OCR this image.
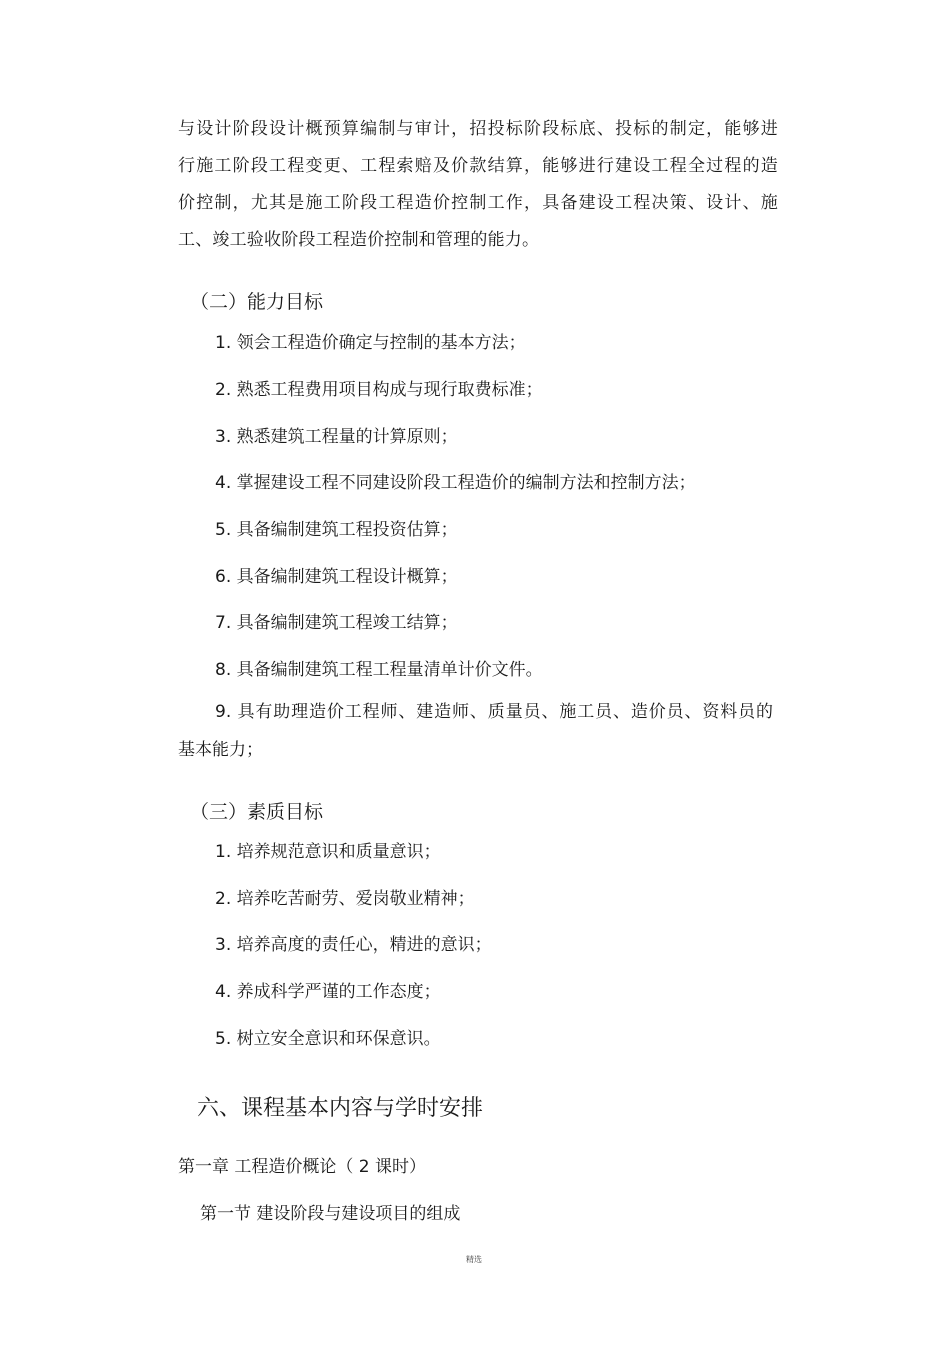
与设计阶段设计概预算编制与审计，招投标阶段标底、投标的制定，能够进
行施工阶段工程变更、工程索赔及价款结算，能够进行建设工程全过程的造
价控制，尤其是施工阶段工程造价控制工作，具备建设工程决策、设计、施
工、竣工验收阶段工程造价控制和管理的能力。
（二）能力目标
1. 领会工程造价确定与控制的基本方法；
2. 熟悉工程费用项目构成与现行取费标准；
3. 熟悉建筑工程量的计算原则；
4. 掌握建设工程不同建设阶段工程造价的编制方法和控制方法；
5. 具备编制建筑工程投资估算；
6. 具备编制建筑工程设计概算；
7. 具备编制建筑工程竣工结算；
8. 具备编制建筑工程工程量清单计价文件。
9. 具有助理造价工程师、建造师、质量员、施工员、造价员、资料员的
基本能力；
（三）素质目标
1. 培养规范意识和质量意识；
2. 培养吃苦耐劳、爱岗敬业精神；
3. 培养高度的责任心，精进的意识；
4. 养成科学严谨的工作态度；
5. 树立安全意识和环保意识。
六、课程基本内容与学时安排
第一章 工程造价概论（ 2 课时）
第一节 建设阶段与建设项目的组成
精选
